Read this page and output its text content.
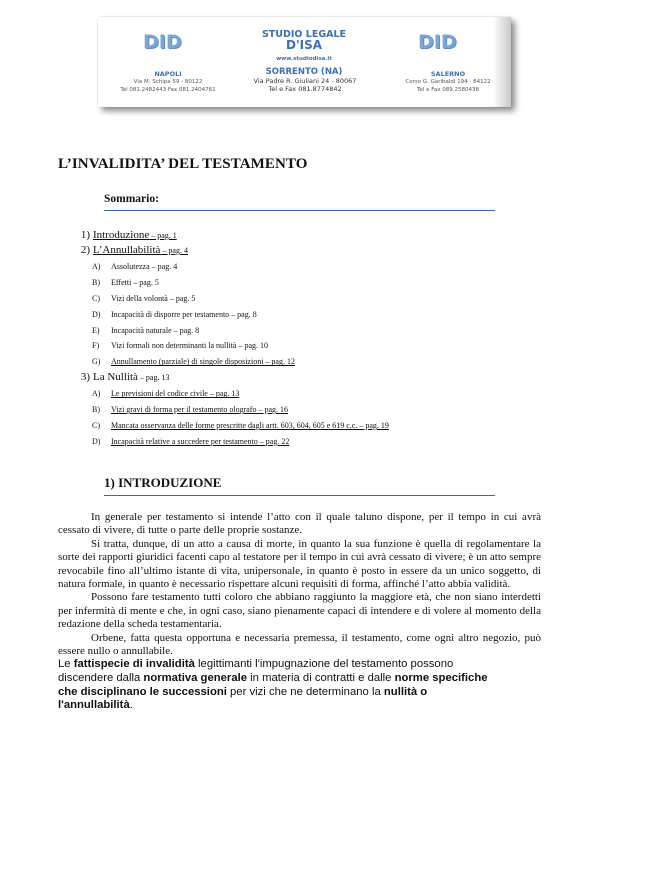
DID
NAPOLI
Via M. Schipa 59 - 80122
Tel 081.2482443 Fax 081.2404761
STUDIO LEGALE
D'ISA
www.studiodisa.it
SORRENTO (NA)
Via Padre R. Giuliani 24 - 80067
Tel e Fax 081.8774842
DID
SALERNO
Corso G. Garibaldi 194 - 84122
Tel e Fax 089.2580438
L’INVALIDITA’ DEL TESTAMENTO
Sommario:
1) Introduzione – pag. 1
2) L’Annullabilità – pag. 4
A) Assolutezza – pag. 4
B) Effetti – pag. 5
C) Vizi della volontà – pag. 5
D) Incapacità di disporre per testamento – pag. 8
E) Incapacità naturale – pag. 8
F) Vizi formali non determinanti la nullità – pag. 10
G) Annullamento (parziale) di singole disposizioni – pag. 12
3) La Nullità – pag. 13
A) Le previsioni del codice civile – pag. 13
B) Vizi gravi di forma per il testamento olografo – pag. 16
C) Mancata osservanza delle forme prescritte dagli artt. 603, 604, 605 e 619 c.c. – pag. 19
D) Incapacità relative a succedere per testamento – pag. 22
1) INTRODUZIONE

In generale per testamento si intende l’atto con il quale taluno dispone, per il tempo in cui avrà cessato di vivere, di tutte o parte delle proprie sostanze.

Si tratta, dunque, di un atto a causa di morte, in quanto la sua funzione è quella di regolamentare la sorte dei rapporti giuridici facenti capo al testatore per il tempo in cui avrà cessato di vivere; è un atto sempre revocabile fino all’ultimo istante di vita, unipersonale, in quanto è posto in essere da un unico soggetto, di natura formale, in quanto è necessario rispettare alcuni requisiti di forma, affinché l’atto abbia validità.

Possono fare testamento tutti coloro che abbiano raggiunto la maggiore età, che non siano interdetti per infermità di mente e che, in ogni caso, siano pienamente capaci di intendere e di volere al momento della redazione della scheda testamentaria.

Orbene, fatta questa opportuna e necessaria premessa, il testamento, come ogni altro negozio, può essere nullo o annullabile.

Le fattispecie di invalidità legittimanti l'impugnazione del testamento possono discendere dalla normativa generale in materia di contratti e dalle norme specifiche che disciplinano le successioni per vizi che ne determinano la nullità o l'annullabilità.
